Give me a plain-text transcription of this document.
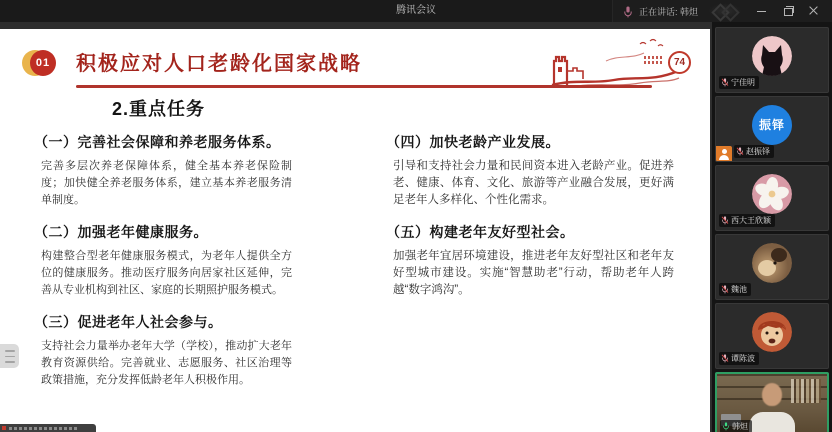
腾讯会议	正在讲话: 韩炟
01 积极应对人口老龄化国家战略	74
2.重点任务
（一）完善社会保障和养老服务体系。
完善多层次养老保障体系，健全基本养老保险制度；加快健全养老服务体系，建立基本养老服务清单制度。
（二）加强老年健康服务。
构建整合型老年健康服务模式，为老年人提供全方位的健康服务。推动医疗服务向居家社区延伸，完善从专业机构到社区、家庭的长期照护服务模式。
（三）促进老年人社会参与。
支持社会力量举办老年大学（学校），推动扩大老年教育资源供给。完善就业、志愿服务、社区治理等政策措施，充分发挥低龄老年人积极作用。
（四）加快老龄产业发展。
引导和支持社会力量和民间资本进入老龄产业。促进养老、健康、体育、文化、旅游等产业融合发展，更好满足老年人多样化、个性化需求。
（五）构建老年友好型社会。
加强老年宜居环境建设，推进老年友好型社区和老年友好型城市建设。实施“智慧助老”行动，帮助老年人跨越“数字鸿沟”。
宁佳明
振铎
赵振铎
西大王欣颖
魏池
谭陈波
韩炟
